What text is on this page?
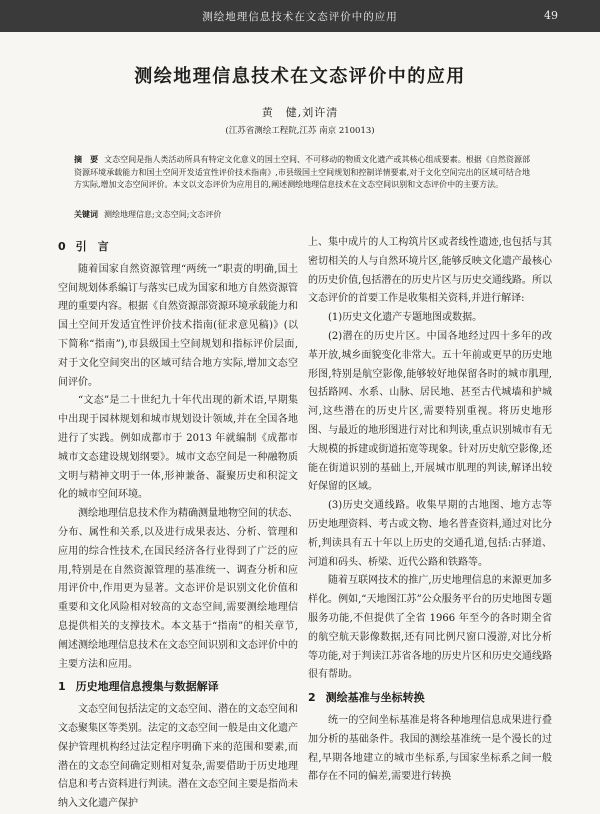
测绘地理信息技术在文态评价中的应用	49
测绘地理信息技术在文态评价中的应用
黄　健,刘许清
(江苏省测绘工程院,江苏 南京 210013)
摘　要 文态空间是指人类活动所具有特定文化意义的国土空间、不可移动的物质文化遗产或其核心组成要素。根据《自然资源部资源环境承载能力和国土空间开发适宜性评价技术指南》,市县级国土空间规划和控制详情要素,对于文化空间完出的区域可结合地方实际,增加文态空间评价。本文以文态评价为应用目的,阐述测绘地理信息技术在文态空间识别和文态评价中的主要方法。
关键词 测绘地理信息;文态空间;文态评价
0 引　言

随着国家自然资源管理“两统一”职责的明确,国土空间规划体系编订与落实已成为国家和地方自然资源管理的重要内容。根据《自然资源部资源环境承载能力和国土空间开发适宜性评价技术指南(征求意见稿)》(以下简称“指南”),市县级国土空间规划和指标评价层面,对于文化空间突出的区域可结合地方实际,增加文态空间评价。

“文态”是二十世纪九十年代出现的新术语,早期集中出现于园林规划和城市规划设计领域,并在全国各地进行了实践。例如成都市于 2013 年就编制《成都市城市文态建设规划纲要》。城市文态空间是一种融物质文明与精神文明于一体,形神兼备、凝聚历史和积淀文化的城市空间环境。

测绘地理信息技术作为精确测量地物空间的状态、分布、属性和关系,以及进行成果表达、分析、管理和应用的综合性技术,在国民经济各行业得到了广泛的应用,特别是在自然资源管理的基准统一、调查分析和应用评价中,作用更为显著。文态评价是识别文化价值和重要和文化风险相对较高的文态空间,需要测绘地理信息提供相关的支撑技术。本文基于“指南”的相关章节,阐述测绘地理信息技术在文态空间识别和文态评价中的主要方法和应用。

1 历史地理信息搜集与数据解译

文态空间包括法定的文态空间、潜在的文态空间和文态聚集区等类别。法定的文态空间一般是由文化遗产保护管理机构经过法定程序明确下来的范围和要素,而潜在的文态空间确定则相对复杂,需要借助于历史地理信息和考古资料进行判读。潜在文态空间主要是指尚未纳入文化遗产保护

上、集中成片的人工构筑片区或者线性遗迹,也包括与其密切相关的人与自然环境片区,能够反映文化遗产最核心的历史价值,包括潜在的历史片区与历史交通线路。所以文态评价的首要工作是收集相关资料,并进行解译:

(1)历史文化遗产专题地图或数据。

(2)潜在的历史片区。中国各地经过四十多年的改革开放,城乡面貌变化非常大。五十年前或更早的历史地形图,特别是航空影像,能够较好地保留各时的城市肌理,包括路网、水系、山脉、居民地、甚至古代城墙和护城河,这些潜在的历史片区,需要特别重视。将历史地形图、与最近的地形图进行对比和判读,重点识别城市有无大规模的拆建或街道拓宽等现象。针对历史航空影像,还能在街道识别的基础上,开展城市肌理的判读,解译出较好保留的区域。

(3)历史交通线路。收集早期的古地图、地方志等历史地理资料、考古或文物、地名普查资料,通过对比分析,判读具有五十年以上历史的交通孔道,包括:古驿道、河道和码头、桥梁、近代公路和铁路等。

随着互联网技术的推广,历史地理信息的来源更加多样化。例如,“天地图江苏”公众服务平台的历史地图专题服务功能,不但提供了全省 1966 年至今的各时期全省的航空航天影像数据,还有同比例尺窗口漫游,对比分析等功能,对于判读江苏省各地的历史片区和历史交通线路很有帮助。

2 测绘基准与坐标转换

统一的空间坐标基准是将各种地理信息成果进行叠加分析的基础条件。我国的测绘基准统一是个漫长的过程,早期各地建立的城市坐标系,与国家坐标系之间一般都存在不同的偏差,需要进行转换
